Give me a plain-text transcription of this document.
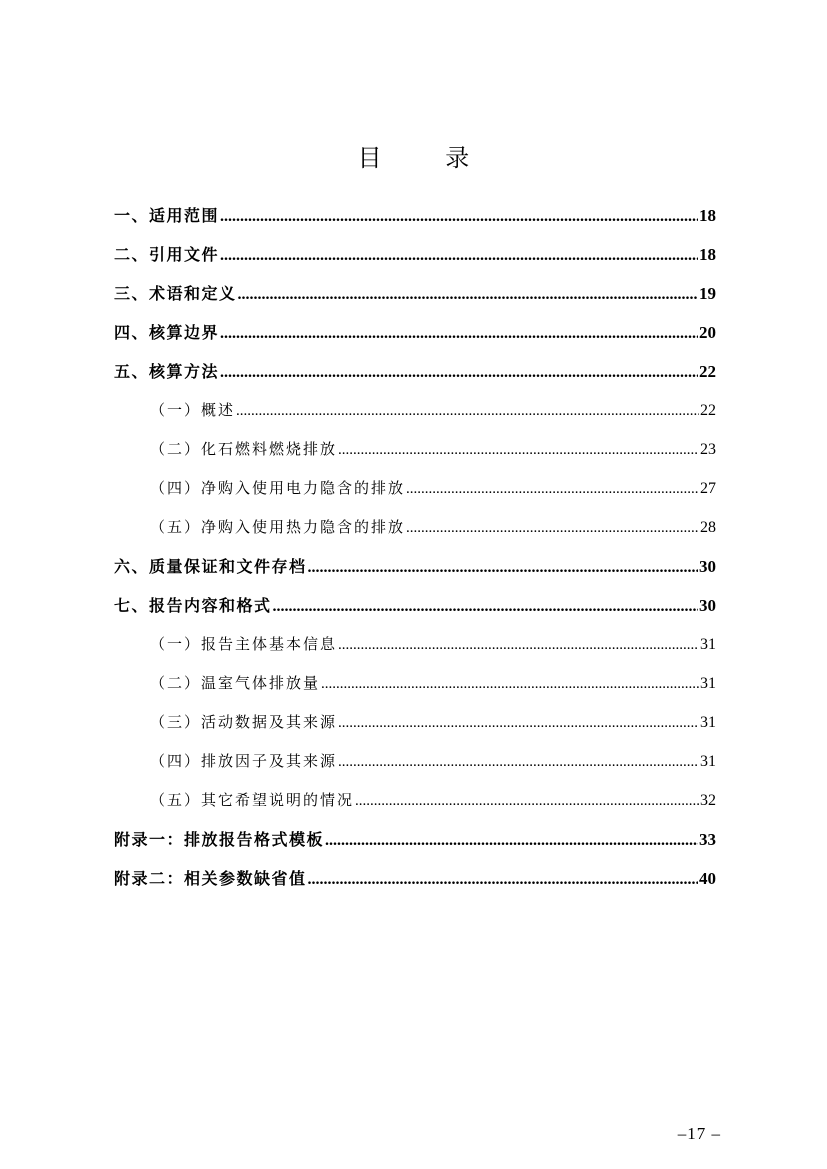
目 录
一、适用范围 .....	18
二、引用文件 .....	18
三、术语和定义 .....	19
四、核算边界 .....	20
五、核算方法 .....	22
（一）概述 .....	22
（二）化石燃料燃烧排放 .....	23
（四）净购入使用电力隐含的排放 .....	27
（五）净购入使用热力隐含的排放 .....	28
六、质量保证和文件存档 .....	30
七、报告内容和格式 .....	30
（一）报告主体基本信息 .....	31
（二）温室气体排放量 .....	31
（三）活动数据及其来源 .....	31
（四）排放因子及其来源 .....	31
（五）其它希望说明的情况 .....	32
附录一：排放报告格式模板 .....	33
附录二：相关参数缺省值 .....	40
–17 –
